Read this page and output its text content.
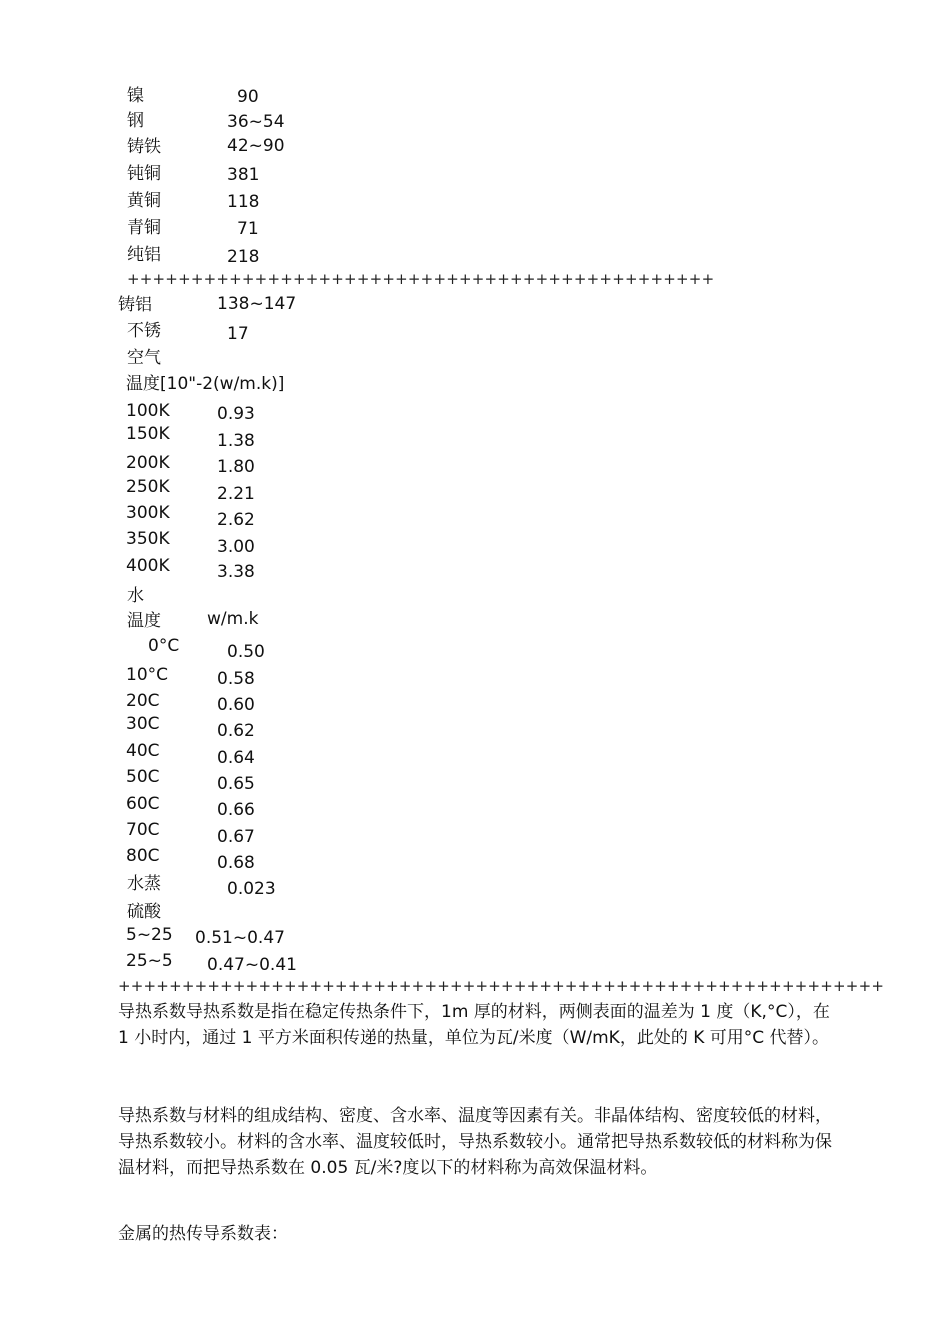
镍	90
钢	36~54
铸铁	42~90
钝铜	381
黄铜	118
青铜	71
纯铝	218
++++++++++++++++++++++++++++++++++++++++++++++
铸铝	138~147
不锈	17
空气
温度[10"-2(w/m.k)]
100K	0.93
150K	1.38
200K	1.80
250K	2.21
300K	2.62
350K	3.00
400K	3.38
水
温度	w/m.k
0°C	0.50
10°C	0.58
20C	0.60
30C	0.62
40C	0.64
50C	0.65
60C	0.66
70C	0.67
80C	0.68
水蒸	0.023
硫酸
5~25 0.51~0.47
25~5 0.47~0.41
++++++++++++++++++++++++++++++++++++++++++++++++++++++++++++

导热系数导热系数是指在稳定传热条件下，1m 厚的材料，两侧表面的温差为 1 度（K,°C），在 1 小时内，通过 1 平方米面积传递的热量，单位为瓦/米度（W/mK，此处的 K 可用°C 代替）。

导热系数与材料的组成结构、密度、含水率、温度等因素有关。非晶体结构、密度较低的材料，导热系数较小。材料的含水率、温度较低时，导热系数较小。通常把导热系数较低的材料称为保温材料，而把导热系数在 0.05 瓦/米?度以下的材料称为高效保温材料。

金属的热传导系数表：
